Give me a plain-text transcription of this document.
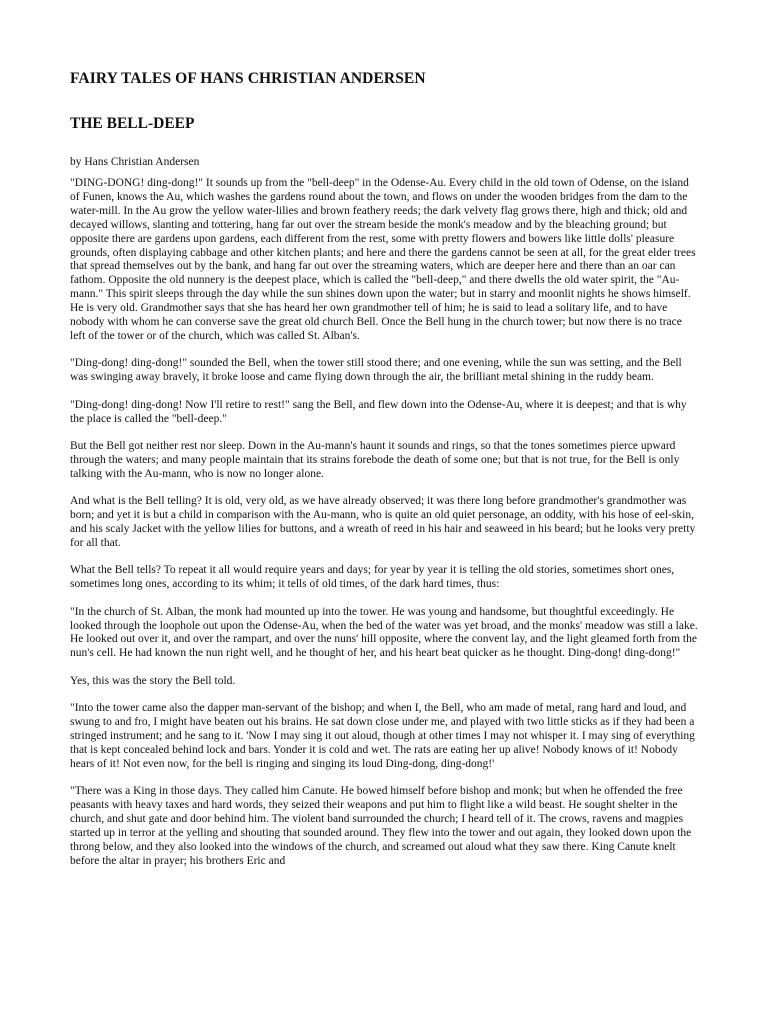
FAIRY TALES OF HANS CHRISTIAN ANDERSEN
THE BELL-DEEP

by Hans Christian Andersen

"DING-DONG! ding-dong!" It sounds up from the "bell-deep" in the Odense-Au. Every child in the old town of Odense, on the island of Funen, knows the Au, which washes the gardens round about the town, and flows on under the wooden bridges from the dam to the water-mill. In the Au grow the yellow water-lilies and brown feathery reeds; the dark velvety flag grows there, high and thick; old and decayed willows, slanting and tottering, hang far out over the stream beside the monk's meadow and by the bleaching ground; but opposite there are gardens upon gardens, each different from the rest, some with pretty flowers and bowers like little dolls' pleasure grounds, often displaying cabbage and other kitchen plants; and here and there the gardens cannot be seen at all, for the great elder trees that spread themselves out by the bank, and hang far out over the streaming waters, which are deeper here and there than an oar can fathom. Opposite the old nunnery is the deepest place, which is called the "bell-deep," and there dwells the old water spirit, the "Au-mann." This spirit sleeps through the day while the sun shines down upon the water; but in starry and moonlit nights he shows himself. He is very old. Grandmother says that she has heard her own grandmother tell of him; he is said to lead a solitary life, and to have nobody with whom he can converse save the great old church Bell. Once the Bell hung in the church tower; but now there is no trace left of the tower or of the church, which was called St. Alban's.

"Ding-dong! ding-dong!" sounded the Bell, when the tower still stood there; and one evening, while the sun was setting, and the Bell was swinging away bravely, it broke loose and came flying down through the air, the brilliant metal shining in the ruddy beam.

"Ding-dong! ding-dong! Now I'll retire to rest!" sang the Bell, and flew down into the Odense-Au, where it is deepest; and that is why the place is called the "bell-deep."

But the Bell got neither rest nor sleep. Down in the Au-mann's haunt it sounds and rings, so that the tones sometimes pierce upward through the waters; and many people maintain that its strains forebode the death of some one; but that is not true, for the Bell is only talking with the Au-mann, who is now no longer alone.

And what is the Bell telling? It is old, very old, as we have already observed; it was there long before grandmother's grandmother was born; and yet it is but a child in comparison with the Au-mann, who is quite an old quiet personage, an oddity, with his hose of eel-skin, and his scaly Jacket with the yellow lilies for buttons, and a wreath of reed in his hair and seaweed in his beard; but he looks very pretty for all that.

What the Bell tells? To repeat it all would require years and days; for year by year it is telling the old stories, sometimes short ones, sometimes long ones, according to its whim; it tells of old times, of the dark hard times, thus:

"In the church of St. Alban, the monk had mounted up into the tower. He was young and handsome, but thoughtful exceedingly. He looked through the loophole out upon the Odense-Au, when the bed of the water was yet broad, and the monks' meadow was still a lake. He looked out over it, and over the rampart, and over the nuns' hill opposite, where the convent lay, and the light gleamed forth from the nun's cell. He had known the nun right well, and he thought of her, and his heart beat quicker as he thought. Ding-dong! ding-dong!"

Yes, this was the story the Bell told.

"Into the tower came also the dapper man-servant of the bishop; and when I, the Bell, who am made of metal, rang hard and loud, and swung to and fro, I might have beaten out his brains. He sat down close under me, and played with two little sticks as if they had been a stringed instrument; and he sang to it. 'Now I may sing it out aloud, though at other times I may not whisper it. I may sing of everything that is kept concealed behind lock and bars. Yonder it is cold and wet. The rats are eating her up alive! Nobody knows of it! Nobody hears of it! Not even now, for the bell is ringing and singing its loud Ding-dong, ding-dong!'

"There was a King in those days. They called him Canute. He bowed himself before bishop and monk; but when he offended the free peasants with heavy taxes and hard words, they seized their weapons and put him to flight like a wild beast. He sought shelter in the church, and shut gate and door behind him. The violent band surrounded the church; I heard tell of it. The crows, ravens and magpies started up in terror at the yelling and shouting that sounded around. They flew into the tower and out again, they looked down upon the throng below, and they also looked into the windows of the church, and screamed out aloud what they saw there. King Canute knelt before the altar in prayer; his brothers Eric and
